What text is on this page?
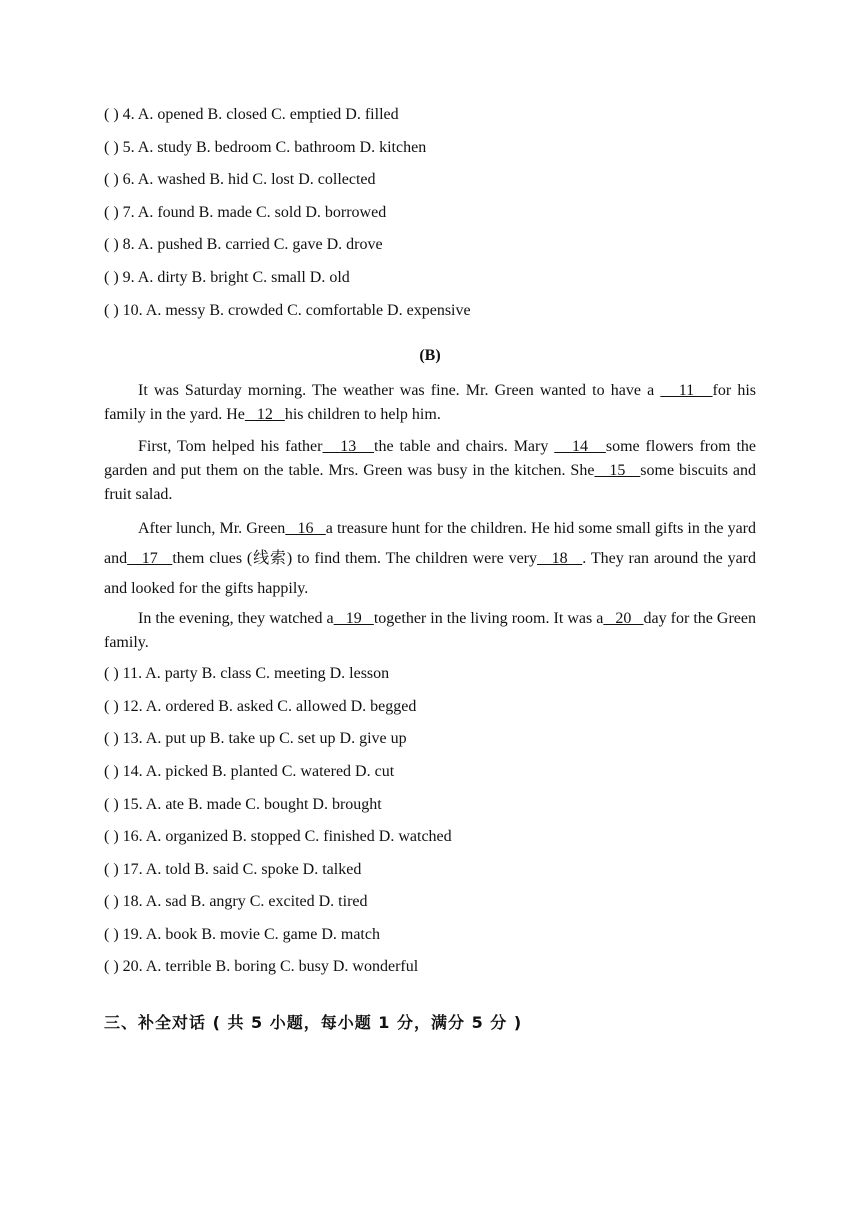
( ) 4. A. opened B. closed C. emptied D. filled
( ) 5. A. study B. bedroom C. bathroom D. kitchen
( ) 6. A. washed B. hid C. lost D. collected
( ) 7. A. found B. made C. sold D. borrowed
( ) 8. A. pushed B. carried C. gave D. drove
( ) 9. A. dirty B. bright C. small D. old
( ) 10. A. messy B. crowded C. comfortable D. expensive
(B)

It was Saturday morning. The weather was fine. Mr. Green wanted to have a    11   for his family in the yard. He   12   his children to help him.

First, Tom helped his father   13   the table and chairs. Mary    14   some flowers from the garden and put them on the table. Mrs. Green was busy in the kitchen. She   15   some biscuits and fruit salad.

After lunch, Mr. Green   16   a treasure hunt for the children. He hid some small gifts in the yard and   17   them clues (线索) to find them. The children were very   18   . They ran around the yard and looked for the gifts happily.

In the evening, they watched a   19   together in the living room. It was a   20   day for the Green family.

( ) 11. A. party B. class C. meeting D. lesson
( ) 12. A. ordered B. asked C. allowed D. begged
( ) 13. A. put up B. take up C. set up D. give up
( ) 14. A. picked B. planted C. watered D. cut
( ) 15. A. ate B. made C. bought D. brought
( ) 16. A. organized B. stopped C. finished D. watched
( ) 17. A. told B. said C. spoke D. talked
( ) 18. A. sad B. angry C. excited D. tired
( ) 19. A. book B. movie C. game D. match
( ) 20. A. terrible B. boring C. busy D. wonderful
三、补全对话 ( 共 5 小题，每小题 1 分，满分 5 分 )
